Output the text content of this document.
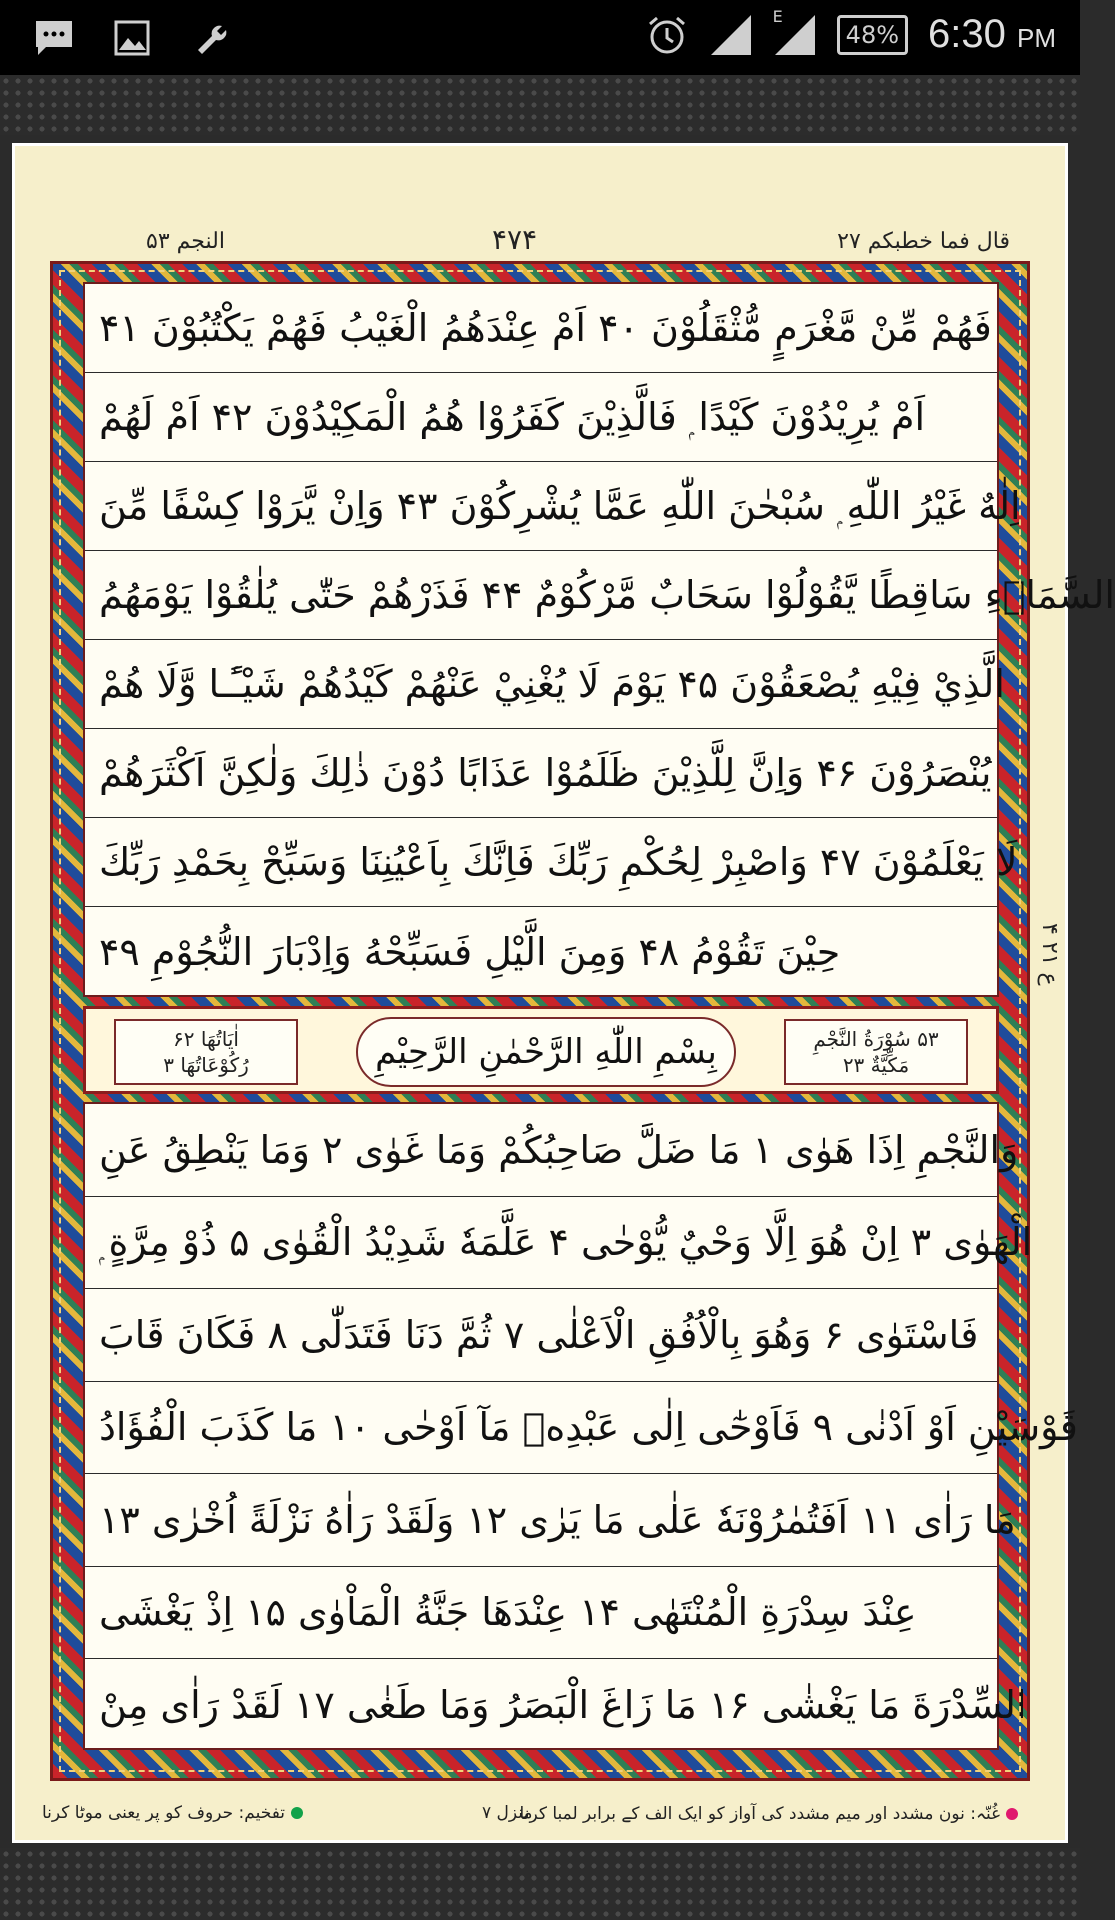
E
48% 6:30 PM
النجم ۵۳	۴۷۴	قال فما خطبكم ۲۷
فَهُمْ مِّنْ مَّغْرَمٍ مُّثْقَلُوْنَ ۴۰ اَمْ عِنْدَهُمُ الْغَيْبُ فَهُمْ يَكْتُبُوْنَ ۴۱
اَمْ يُرِيْدُوْنَ كَيْدًا ۭ فَالَّذِيْنَ كَفَرُوْا هُمُ الْمَكِيْدُوْنَ ۴۲ اَمْ لَهُمْ
اِلٰهٌ غَيْرُ اللّٰهِ ۭ سُبْحٰنَ اللّٰهِ عَمَّا يُشْرِكُوْنَ ۴۳ وَاِنْ يَّرَوْا كِسْفًا مِّنَ
السَّمَاۗءِ سَاقِطًا يَّقُوْلُوْا سَحَابٌ مَّرْكُوْمٌ ۴۴ فَذَرْهُمْ حَتّٰى يُلٰقُوْا يَوْمَهُمُ
الَّذِيْ فِيْهِ يُصْعَقُوْنَ ۴۵ يَوْمَ لَا يُغْنِيْ عَنْهُمْ كَيْدُهُمْ شَيْـًٔـا وَّلَا هُمْ
يُنْصَرُوْنَ ۴۶ وَاِنَّ لِلَّذِيْنَ ظَلَمُوْا عَذَابًا دُوْنَ ذٰلِكَ وَلٰكِنَّ اَكْثَرَهُمْ
لَا يَعْلَمُوْنَ ۴۷ وَاصْبِرْ لِحُكْمِ رَبِّكَ فَاِنَّكَ بِاَعْيُنِنَا وَسَبِّحْ بِحَمْدِ رَبِّكَ
حِيْنَ تَقُوْمُ ۴۸ وَمِنَ الَّيْلِ فَسَبِّحْهُ وَاِدْبَارَ النُّجُوْمِ ۴۹
۵۳ سُوْرَةُ النَّجْمِ
مَكِّيَّةٌ ۲۳
بِسْمِ اللّٰهِ الرَّحْمٰنِ الرَّحِيْمِ
اٰيَاتُهَا ۶۲
رُكُوْعَاتُهَا ۳
وَالنَّجْمِ اِذَا هَوٰى ۱ مَا ضَلَّ صَاحِبُكُمْ وَمَا غَوٰى ۲ وَمَا يَنْطِقُ عَنِ
الْهَوٰى ۳ اِنْ هُوَ اِلَّا وَحْيٌ يُّوْحٰى ۴ عَلَّمَهٗ شَدِيْدُ الْقُوٰى ۵ ذُوْ مِرَّةٍ ۭ
فَاسْتَوٰى ۶ وَهُوَ بِالْاُفُقِ الْاَعْلٰى ۷ ثُمَّ دَنَا فَتَدَلّٰى ۸ فَكَانَ قَابَ
قَوْسَيْنِ اَوْ اَدْنٰى ۹ فَاَوْحٰٓى اِلٰى عَبْدِهٖ مَآ اَوْحٰى ۱۰ مَا كَذَبَ الْفُؤَادُ
مَا رَاٰى ۱۱ اَفَتُمٰرُوْنَهٗ عَلٰى مَا يَرٰى ۱۲ وَلَقَدْ رَاٰهُ نَزْلَةً اُخْرٰى ۱۳
عِنْدَ سِدْرَةِ الْمُنْتَهٰى ۱۴ عِنْدَهَا جَنَّةُ الْمَاْوٰى ۱۵ اِذْ يَغْشَى
السِّدْرَةَ مَا يَغْشٰى ۱۶ مَا زَاغَ الْبَصَرُ وَمَا طَغٰى ۱۷ لَقَدْ رَاٰى مِنْ
ع ۲۱ ۴
غُنّہ: نون مشدد اور میم مشدد کی آواز کو ایک الف کے برابر لمبا کرنا
منزل ۷
تفخیم: حروف کو پر یعنی موٹا کرنا
